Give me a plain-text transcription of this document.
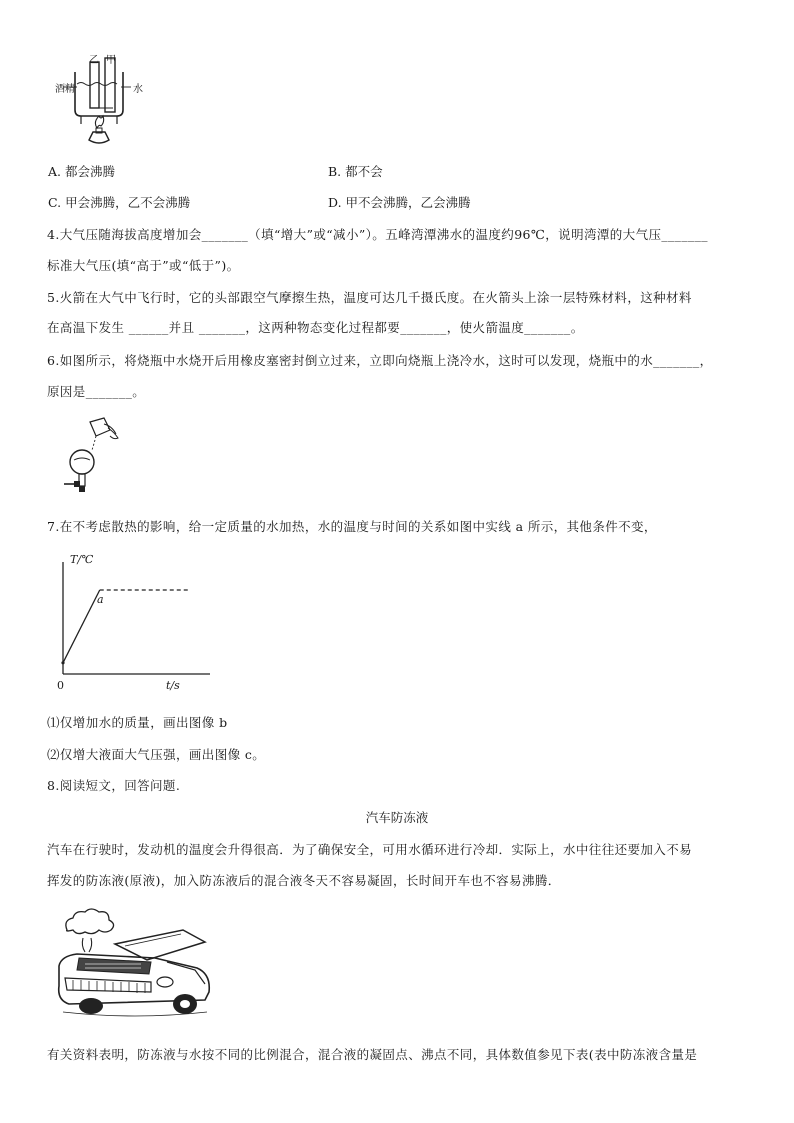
乙 甲
酒精	水
A. 都会沸腾	B. 都不会
C. 甲会沸腾，乙不会沸腾	D. 甲不会沸腾，乙会沸腾
4.大气压随海拔高度增加会_______（填“增大”或“减小”）。五峰湾潭沸水的温度约96℃，说明湾潭的大气压_______
标准大气压(填“高于”或“低于”)。
5.火箭在大气中飞行时，它的头部跟空气摩擦生热，温度可达几千摄氏度。在火箭头上涂一层特殊材料，这种材料
在高温下发生 ______并且 _______，这两种物态变化过程都要_______，使火箭温度_______。
6.如图所示，将烧瓶中水烧开后用橡皮塞密封倒立过来，立即向烧瓶上浇冷水，这时可以发现，烧瓶中的水_______，
原因是_______。
7.在不考虑散热的影响，给一定质量的水加热，水的温度与时间的关系如图中实线 a 所示，其他条件不变，
T/℃
a
0	t/s
⑴仅增加水的质量，画出图像 b
⑵仅增大液面大气压强，画出图像 c。
8.阅读短文，回答问题.
汽车防冻液
汽车在行驶时，发动机的温度会升得很高．为了确保安全，可用水循环进行冷却．实际上，水中往往还要加入不易
挥发的防冻液(原液)，加入防冻液后的混合液冬天不容易凝固，长时间开车也不容易沸腾．
有关资料表明，防冻液与水按不同的比例混合，混合液的凝固点、沸点不同，具体数值参见下表(表中防冻液含量是
